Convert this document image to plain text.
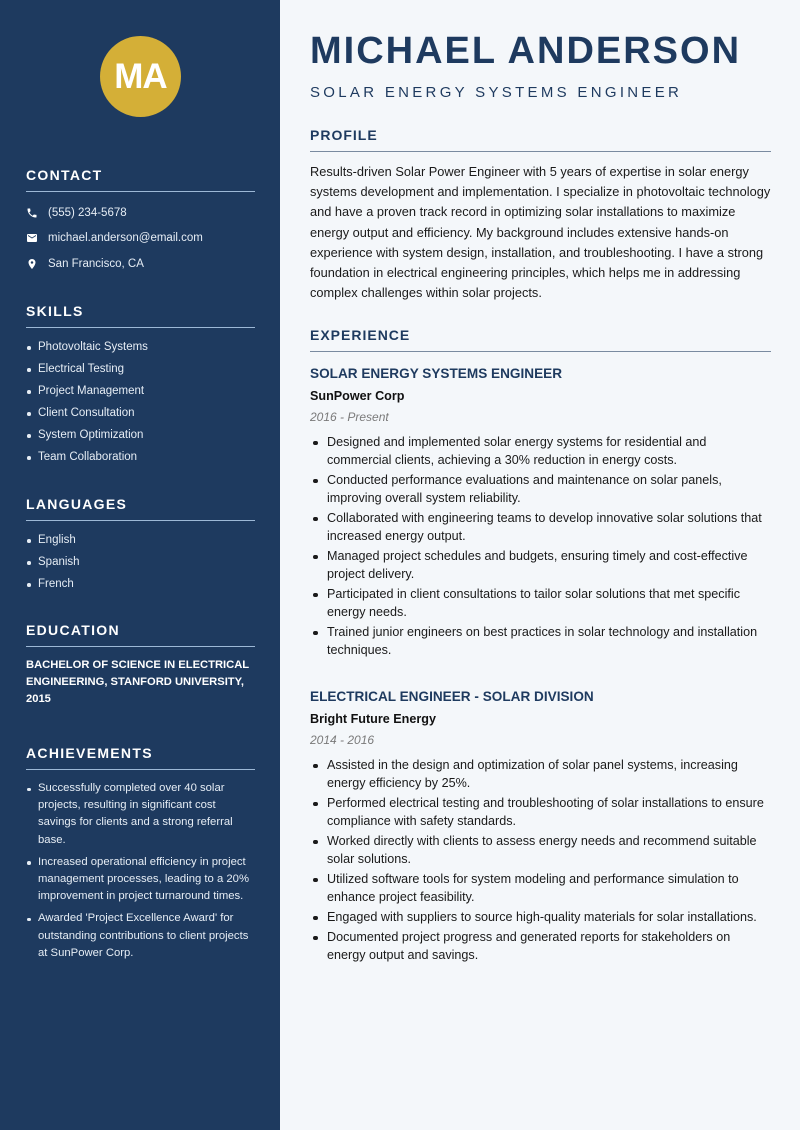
MA
CONTACT
(555) 234-5678
michael.anderson@email.com
San Francisco, CA
SKILLS
Photovoltaic Systems
Electrical Testing
Project Management
Client Consultation
System Optimization
Team Collaboration
LANGUAGES
English
Spanish
French
EDUCATION

BACHELOR OF SCIENCE IN ELECTRICAL ENGINEERING, STANFORD UNIVERSITY, 2015

ACHIEVEMENTS
Successfully completed over 40 solar projects, resulting in significant cost savings for clients and a strong referral base.
Increased operational efficiency in project management processes, leading to a 20% improvement in project turnaround times.
Awarded 'Project Excellence Award' for outstanding contributions to client projects at SunPower Corp.
MICHAEL ANDERSON
SOLAR ENERGY SYSTEMS ENGINEER
PROFILE

Results-driven Solar Power Engineer with 5 years of expertise in solar energy systems development and implementation. I specialize in photovoltaic technology and have a proven track record in optimizing solar installations to maximize energy output and efficiency. My background includes extensive hands-on experience with system design, installation, and troubleshooting. I have a strong foundation in electrical engineering principles, which helps me in addressing complex challenges within solar projects.

EXPERIENCE
SOLAR ENERGY SYSTEMS ENGINEER
SunPower Corp
2016 - Present
Designed and implemented solar energy systems for residential and commercial clients, achieving a 30% reduction in energy costs.
Conducted performance evaluations and maintenance on solar panels, improving overall system reliability.
Collaborated with engineering teams to develop innovative solar solutions that increased energy output.
Managed project schedules and budgets, ensuring timely and cost-effective project delivery.
Participated in client consultations to tailor solar solutions that met specific energy needs.
Trained junior engineers on best practices in solar technology and installation techniques.
ELECTRICAL ENGINEER - SOLAR DIVISION
Bright Future Energy
2014 - 2016
Assisted in the design and optimization of solar panel systems, increasing energy efficiency by 25%.
Performed electrical testing and troubleshooting of solar installations to ensure compliance with safety standards.
Worked directly with clients to assess energy needs and recommend suitable solar solutions.
Utilized software tools for system modeling and performance simulation to enhance project feasibility.
Engaged with suppliers to source high-quality materials for solar installations.
Documented project progress and generated reports for stakeholders on energy output and savings.
